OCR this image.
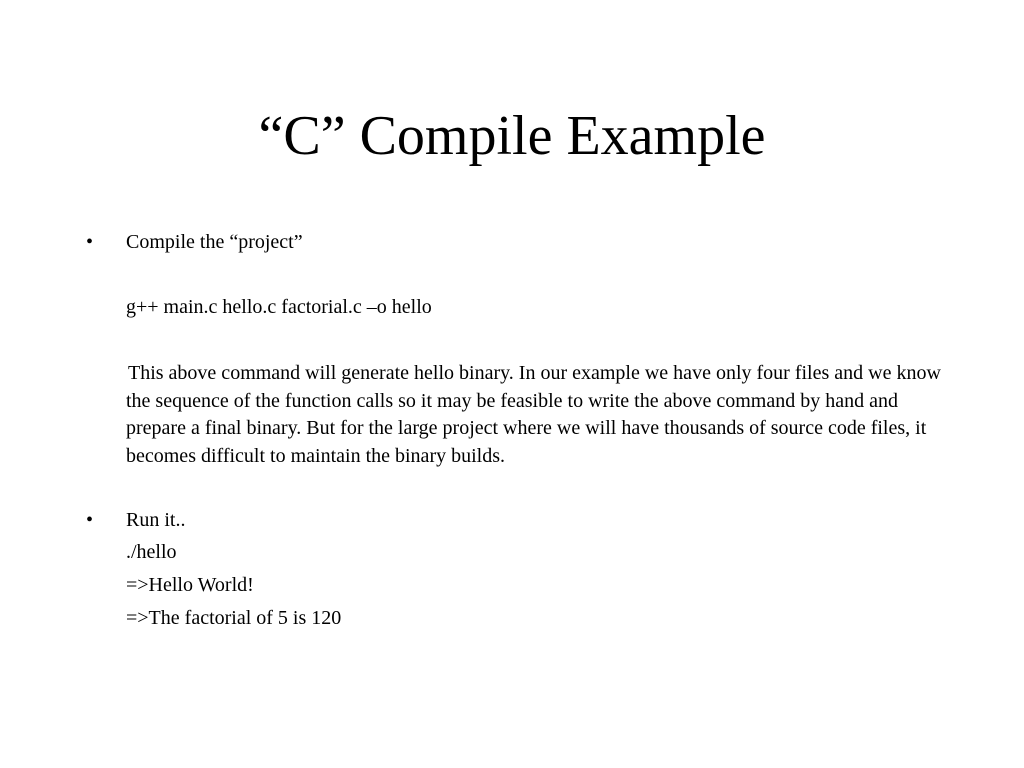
“C” Compile Example
• Compile the “project”
g++ main.c hello.c factorial.c –o hello
This above command will generate hello binary. In our example we have only four files and we know the sequence of the function calls so it may be feasible to write the above command by hand and prepare a final binary. But for the large project where we will have thousands of source code files, it becomes difficult to maintain the binary builds.
• Run it..
./hello
=>Hello World!
=>The factorial of 5 is 120
